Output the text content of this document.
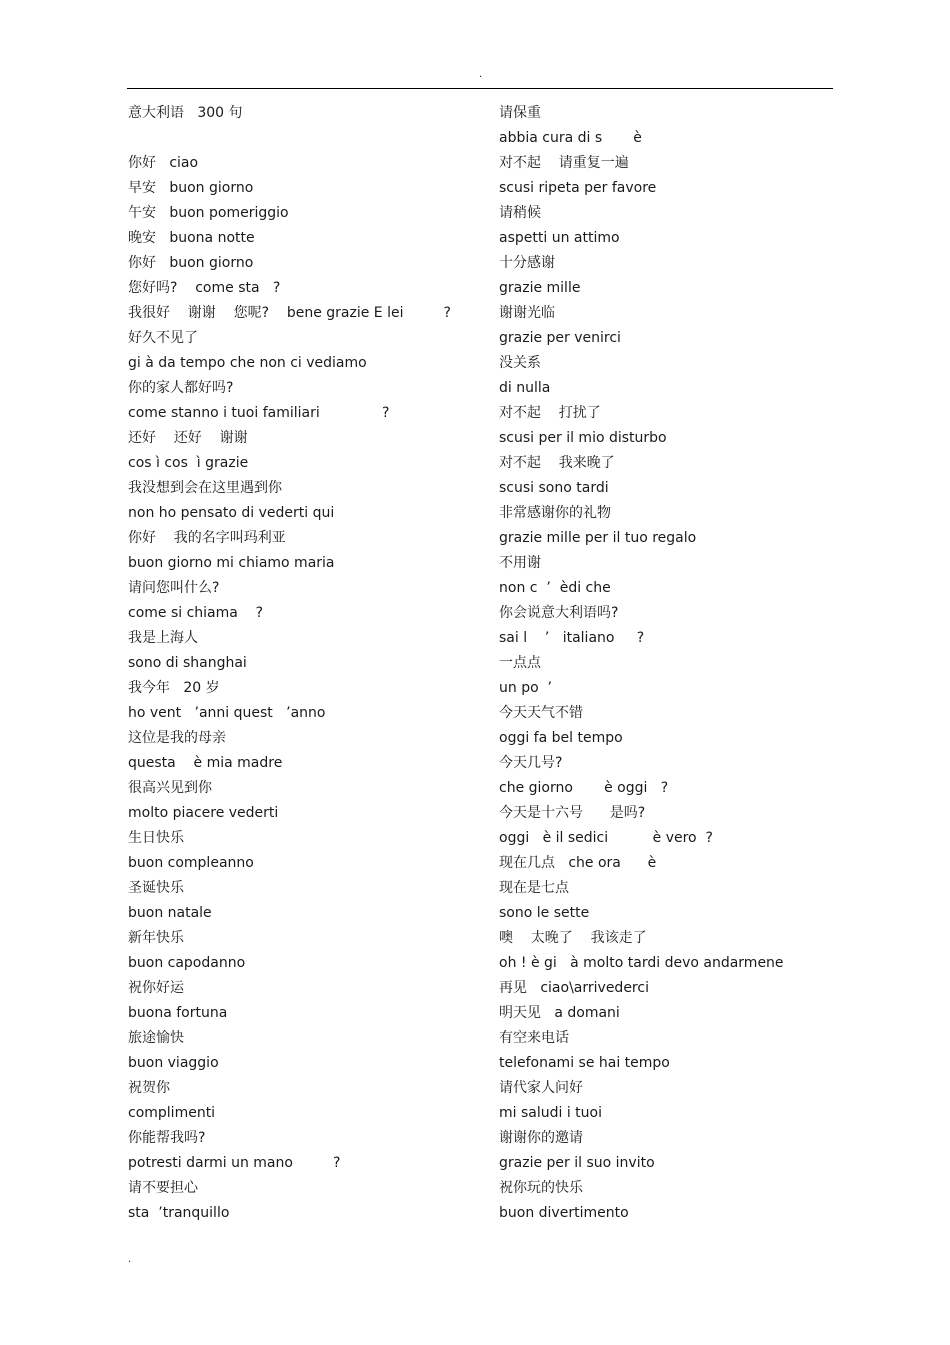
.
意大利语   300 句
你好   ciao
早安   buon giorno
午安   buon pomeriggio
晚安   buona notte
你好   buon giorno
您好吗?    come sta   ?
我很好    谢谢    您呢?    bene grazie E lei         ?
好久不见了
gi à da tempo che non ci vediamo
你的家人都好吗?
come stanno i tuoi familiari              ?
还好    还好    谢谢
cos ì cos  ì grazie
我没想到会在这里遇到你
non ho pensato di vederti qui
你好    我的名字叫玛利亚
buon giorno mi chiamo maria
请问您叫什么?
come si chiama    ?
我是上海人
sono di shanghai
我今年   20 岁
ho vent   ’anni quest   ’anno
这位是我的母亲
questa    è mia madre
很高兴见到你
molto piacere vederti
生日快乐
buon compleanno
圣诞快乐
buon natale
新年快乐
buon capodanno
祝你好运
buona fortuna
旅途愉快
buon viaggio
祝贺你
complimenti
你能帮我吗?
potresti darmi un mano         ?
请不要担心
sta  ’tranquillo
请保重
abbia cura di s       è
对不起    请重复一遍
scusi ripeta per favore
请稍候
aspetti un attimo
十分感谢
grazie mille
谢谢光临
grazie per venirci
没关系
di nulla
对不起    打扰了
scusi per il mio disturbo
对不起    我来晚了
scusi sono tardi
非常感谢你的礼物
grazie mille per il tuo regalo
不用谢
non c  ’  èdi che
你会说意大利语吗?
sai l    ’   italiano     ?
一点点
un po  ’
今天天气不错
oggi fa bel tempo
今天几号?
che giorno       è oggi   ?
今天是十六号      是吗?
oggi   è il sedici          è vero  ?
现在几点   che ora      è
现在是七点
sono le sette
噢    太晚了    我该走了
oh ! è gi   à molto tardi devo andarmene
再见   ciao\arrivederci
明天见   a domani
有空来电话
telefonami se hai tempo
请代家人问好
mi saludi i tuoi
谢谢你的邀请
grazie per il suo invito
祝你玩的快乐
buon divertimento
.
